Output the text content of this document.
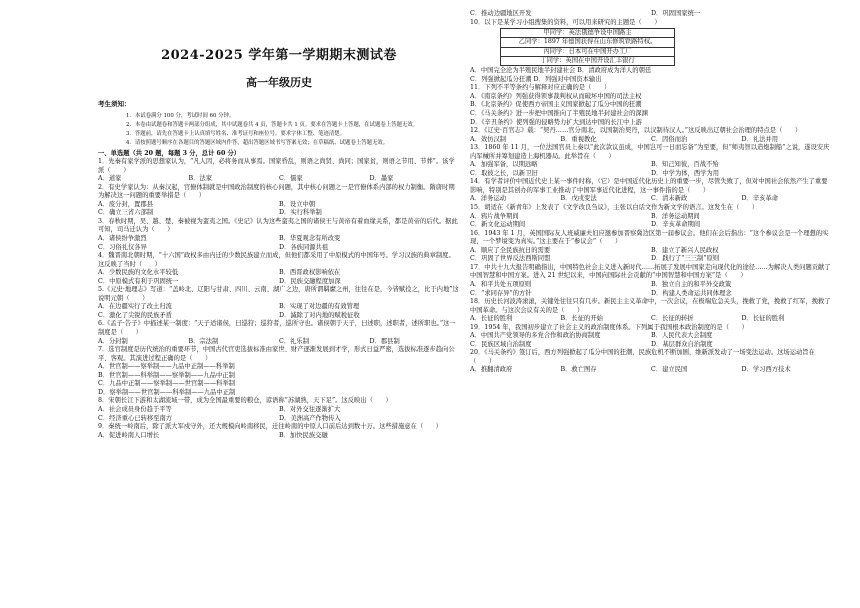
2024-2025 学年第一学期期末测试卷
高一年级历史
考生须知：

1．本试卷满分 100 分，考试时间 60 分钟。

2．本卷由试题卷和答题卡两部分组成，其中试题卷共 4 页，答题卡共 1 页。要求在答题卡上答题，在试题卷上答题无效。

3．答题前，请先在答题卡上认真填写姓名、准考证号和座位号。要求字体工整、笔迹清楚。

4．请按照题号顺序在各题目的答题区域内作答，超出答题区域书写答案无效；在草稿纸、试题卷上答题无效。

一、单选题（共 20 题，每题 3 分，总计 60 分）
1．先秦有家学派的思想家认为，“凡人因，必将务而从事焉。国家昏乱，则语之尚贤、尚同；国家贫，则语之节用、节葬”。该学派（　　）
A．道家	B．法家	C．儒家	D．墨家
2．有史学家认为：从秦汉起，官僚体制就是中国政治制度的核心问题，其中核心问题之一是官僚体系内部的权力制衡。隋唐时期为解决这一问题的重要举措是（　　）
A．废分封，置郡县	B．设立中朝
C．确立三省六部制	D．实行科举制
3．春秋时期，吴、越、楚、秦被视为蛮夷之国。《史记》认为这些蛮夷之国的诸侯王与黄帝有着血缘关系，都是黄帝的后代。据此可知，司马迁认为（　　）
A．诸侯纷争激烈	B．华夏观念有所改变
C．习俗礼仪各异	D．各族同源共祖
4．魏晋南北朝时期，“十六国”政权多由内迁的少数民族建立而成，但他们都采用了中原模式的中国年号。学习汉族的典章制度。这反映了当时（　　）
A．少数民族的文化水平较低	B．西晋政权影响依在
C．中原模式有利于巩固统一	D．民族交融程度加深
5.《元史·地理志》写道：“盖岭北、辽阳与甘肃、四川、云南、湖广之边，唐所谓羁縻之州，往往在是，今皆赋役之，比于内地”这说明元朝（　　）
A．在边疆实行了改土归流	B．实现了对边疆的有效管理
C．激化了尖锐的民族矛盾	D．滅除了对内地的赋税征收
6.《孟子·告子》中描述某一制度：“天子适诸侯，曰巡狩；巡狩者，巡所守也。诸侯朝于天子，曰述职，述职者，述所职也。”这一制度是（　　）
A．分封制	B．宗法制	C．礼乐制	D．郡县制
7．选官制度是历代统治的重要环节，中国古代官吏选拔标准由家世、财产逐渐发展到才学，形式日益严密，选拔标准逐步趋向公平、客观。其演进过程正确的是（　　）
A．世官制——察举制——九品中正制——科举制
B．世官制——科举制——察举制——九品中正制
C．九品中正制——察举制——世官制——科举制
D．察举制——世官制——科举制——九品中正制
8．宋朝长江下游和太湖流域一带，成为全国最重要的粮仓，谚语称“苏湖熟，天下足”。这反映出（　　）
A．社会成员身份趋于平等	B．对外交往逐渐扩大
C．经济重心已转移至南方	D．美洲高产作物传入
9．秦统一岭南后，除了派大军戍守外，还大规模向岭南移民，迁往岭南的中原人口前后达到数十万。这些措施意在（　　）
A．促进岭南人口增长	B．加快民族交融
C．推动边疆地区开发	D．巩固国家统一
10．以下是某学习小组搜集的资料，可以用来研究的主题是（　　）
甲同学：英法俄德争设中国路主
乙同学：1897 年德国获得在山东修筑铁路特权。
丙同学：日本可在中国开办工厂
丁同学：英国在中国开设汇丰银行
A．中国完全沦为半殖民地半封建社会 B．清政府成为洋人的朝廷
C．列强掀起瓜分狂潮 D．列强对中国资本输出
11．下列不平等条约与解释对应正确的是（　　）
A．《南京条约》列强获得领事裁判权从而破坏中国的司法主权
B．《北京条约》促使西方帝国主义国家掀起了瓜分中国的狂潮
C．《马关条约》进一步把中国推向了半殖民地半封建社会的深渊
D．《辛丑条约》使列强的侵略势力扩大到达中国的长江中上游
12．《辽史·百官志》载：“契丹……官分南北，以国制治契丹，以汉制待汉人。”这反映出辽朝社会治理的特点是（　　）
A．效仿汉制	B．重视教化	C．因俗而治	D．礼法并用
13．1860 年 11 月，一位法国官员上奏以“此次款议虽成，中国岂可一日而忘备”为至要，但“师夷智以造炮制船”之说，遂设安庆内军械所并筹划建造上海机器局。此举旨在（　　）
A．加强军备，以期远略	B．知己知彼，百战不殆
C．取彼之长，以新卫旧	D．中学为体，西学为用
14．有学者评价中国近代史上某一事件时称，（它）是中国近代化历史上的重要一步，尽管失败了，但对中国社会依然产生了重要影响，特别是其创办的军事工业推动了中国军事近代化进程，这一事件指的是（　　）
A．洋务运动	B．戊戌变法	C．清末新政	D．辛亥革命
15．胡适在《新青年》上发表了《文学改良刍议》，主张以白话文作为新文学的语言。这发生在（　　）
A．鸦片战争期间	B．洋务运动期间
C．新文化运动期间	D．辛亥革命期间
16．1943 年 1 月，英国国际友人班威廉夫妇应邀参加晋察冀边区第一届参议会。他们在会后指出：“这个参议会是一个理想的实现，一个梦境变为真实。”这主要在于“参议会”（　　）
A．顺应了全民族抗日的需要	B．建立了新兴人民政权
C．巩固了世界反法西斯同盟	D．践行了“三三制”原则
17．中共十九大报告明确指出，中国特色社会主义进入新时代……拓展了发展中国家走向现代化的途径……为解决人类问题贡献了中国智慧和中国方案。进入 21 世纪以来，中国向国际社会贡献的“中国智慧和中国方案”是（　　）
A．和平共处五项原则	B．独立自主的和平外交政策
C．“求同存异”的方针	D．构建人类命运共同体理念
18．历史长河波涛滚滚，关键处往往只有几步。新民主主义革命中，一次会议，在极端危急关头，挽救了党，挽救了红军，挽救了中国革命。与这次会议有关的是（　　）
A．长征的胜利	B．长征的开始	C．长征的转折	D．长征的胜利
19．1954 年，我国初步建立了社会主义的政治制度体系。下列属于我国根本政治制度的是（　　）
A．中国共产党领导的多党合作和政治协商制度	B．人民代表大会制度
C．民族区域自治制度	D．基层群众自治制度
20．《马关条约》签订后，西方列强掀起了瓜分中国的狂潮，民族危机不断加剧，维新派发动了一场变法运动。这场运动旨在（　　）
A．推翻清政府	B．救亡图存	C．建立民国	D．学习西方技术
